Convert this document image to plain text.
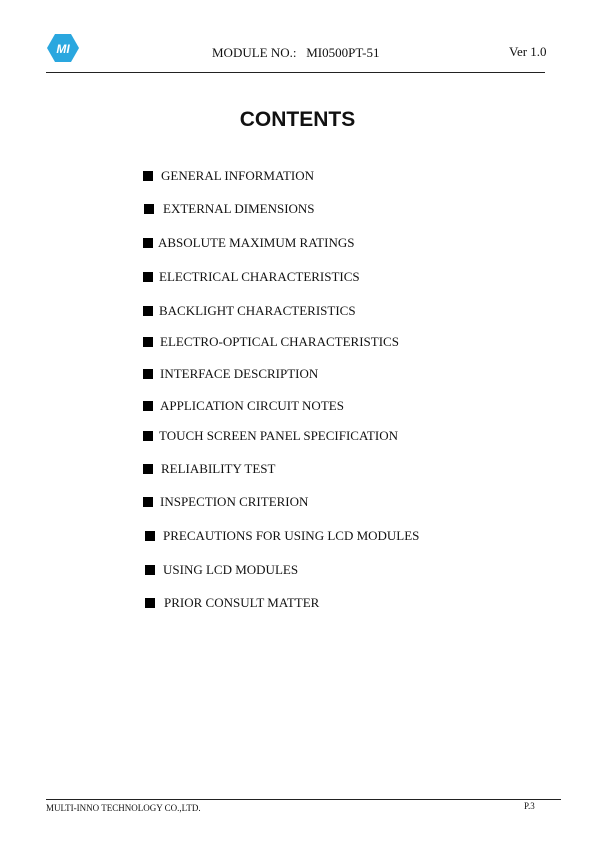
MI	MODULE NO.:   MI0500PT-51	Ver 1.0
CONTENTS
GENERAL INFORMATION
EXTERNAL DIMENSIONS
ABSOLUTE MAXIMUM RATINGS
ELECTRICAL CHARACTERISTICS
BACKLIGHT CHARACTERISTICS
ELECTRO-OPTICAL CHARACTERISTICS
INTERFACE DESCRIPTION
APPLICATION CIRCUIT NOTES
TOUCH SCREEN PANEL SPECIFICATION
RELIABILITY TEST
INSPECTION CRITERION
PRECAUTIONS FOR USING LCD MODULES
USING LCD MODULES
PRIOR CONSULT MATTER
MULTI-INNO TECHNOLOGY CO.,LTD.	P.3
